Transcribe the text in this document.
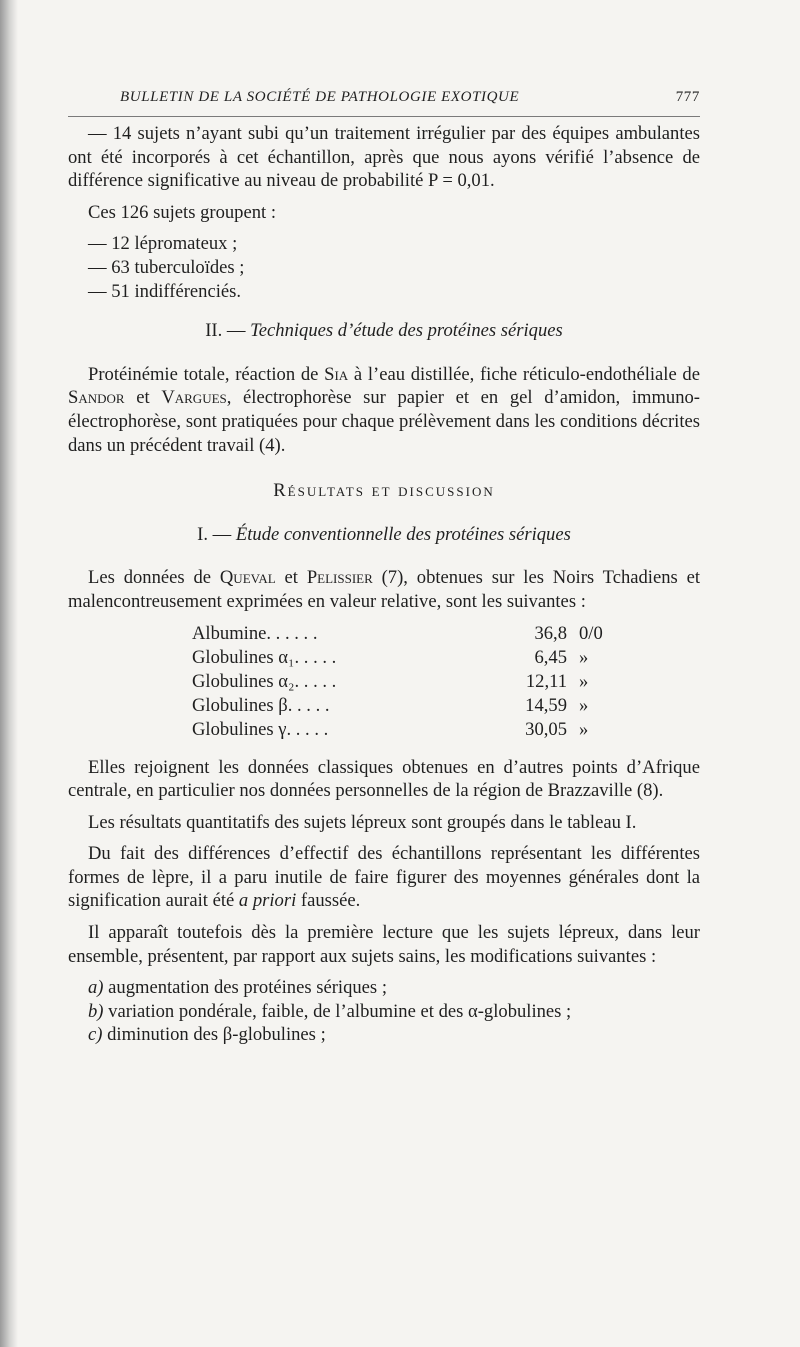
BULLETIN DE LA SOCIÉTÉ DE PATHOLOGIE EXOTIQUE	777

— 14 sujets n’ayant subi qu’un traitement irrégulier par des équipes ambulantes ont été incorporés à cet échantillon, après que nous ayons vérifié l’absence de différence significative au niveau de probabilité P = 0,01.

Ces 126 sujets groupent :

— 12 lépromateux ;
— 63 tuberculoïdes ;
— 51 indifférenciés.
II. — Techniques d’étude des protéines sériques

Protéinémie totale, réaction de Sia à l’eau distillée, fiche réticulo-endothéliale de Sandor et Vargues, électrophorèse sur papier et en gel d’amidon, immuno-électrophorèse, sont pratiquées pour chaque prélèvement dans les conditions décrites dans un précédent travail (4).

Résultats et discussion
I. — Étude conventionnelle des protéines sériques

Les données de Queval et Pelissier (7), obtenues sur les Noirs Tchadiens et malencontreusement exprimées en valeur relative, sont les suivantes :

Albumine. . . . . .	36,8	0/0
Globulines α₁. . . . .	6,45	»
Globulines α₂. . . . .	12,11	»
Globulines β. . . . .	14,59	»
Globulines γ. . . . .	30,05	»

Elles rejoignent les données classiques obtenues en d’autres points d’Afrique centrale, en particulier nos données personnelles de la région de Brazzaville (8).

Les résultats quantitatifs des sujets lépreux sont groupés dans le tableau I.

Du fait des différences d’effectif des échantillons représentant les différentes formes de lèpre, il a paru inutile de faire figurer des moyennes générales dont la signification aurait été a priori faussée.

Il apparaît toutefois dès la première lecture que les sujets lépreux, dans leur ensemble, présentent, par rapport aux sujets sains, les modifications suivantes :

a) augmentation des protéines sériques ;
b) variation pondérale, faible, de l’albumine et des α-globulines ;
c) diminution des β-globulines ;
